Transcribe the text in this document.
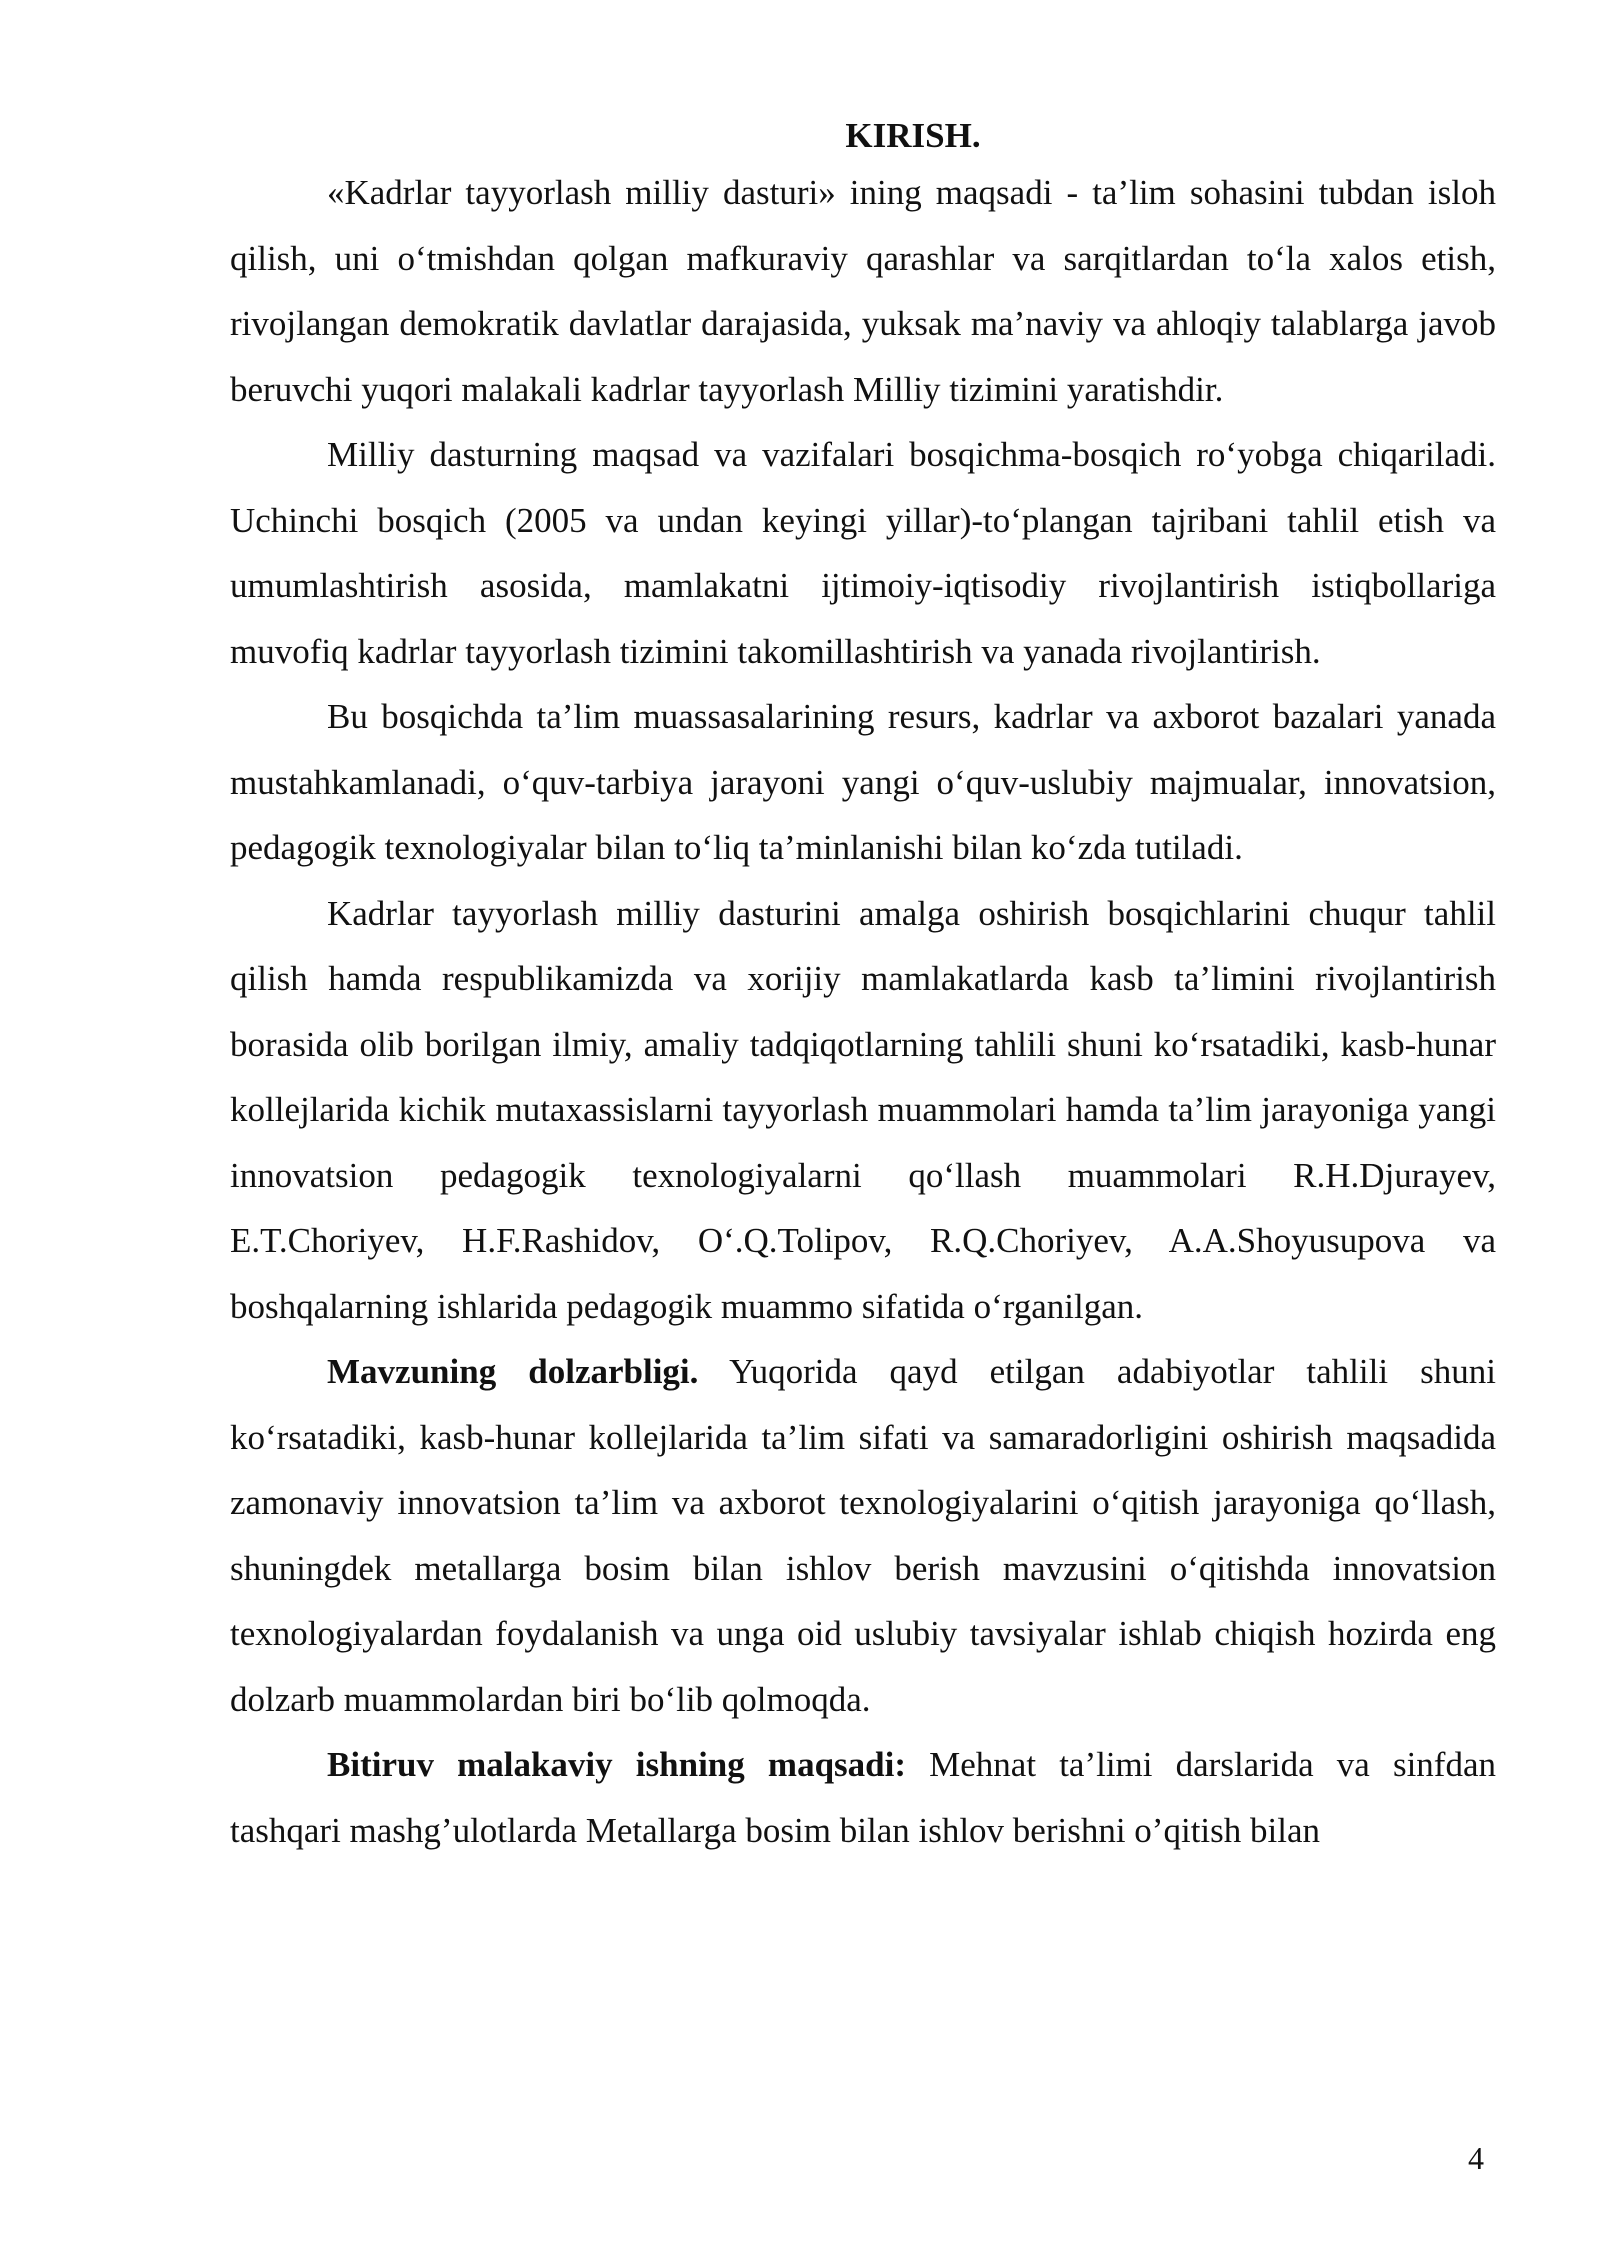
KIRISH.

«Kadrlar tayyorlash milliy dasturi» ining maqsadi - ta’lim sohasini tubdan isloh qilish, uni o‘tmishdan qolgan mafkuraviy qarashlar va sarqitlardan to‘la xalos etish, rivojlangan demokratik davlatlar darajasida, yuksak ma’naviy va ahloqiy talablarga javob beruvchi yuqori malakali kadrlar tayyorlash Milliy tizimini yaratishdir.

Milliy dasturning maqsad va vazifalari bosqichma-bosqich ro‘yobga chiqariladi. Uchinchi bosqich (2005 va undan keyingi yillar)-to‘plangan tajribani tahlil etish va umumlashtirish asosida, mamlakatni ijtimoiy-iqtisodiy rivojlantirish istiqbollariga muvofiq kadrlar tayyorlash tizimini takomillashtirish va yanada rivojlantirish.

Bu bosqichda ta’lim muassasalarining resurs, kadrlar va axborot bazalari yanada mustahkamlanadi, o‘quv-tarbiya jarayoni yangi o‘quv-uslubiy majmualar, innovatsion, pedagogik texnologiyalar bilan to‘liq ta’minlanishi bilan ko‘zda tutiladi.

Kadrlar tayyorlash milliy dasturini amalga oshirish bosqichlarini chuqur tahlil qilish hamda respublikamizda va xorijiy mamlakatlarda kasb ta’limini rivojlantirish borasida olib borilgan ilmiy, amaliy tadqiqotlarning tahlili shuni ko‘rsatadiki, kasb-hunar kollejlarida kichik mutaxassislarni tayyorlash muammolari hamda ta’lim jarayoniga yangi innovatsion pedagogik texnologiyalarni qo‘llash muammolari R.H.Djurayev, E.T.Choriyev, H.F.Rashidov, O‘.Q.Tolipov, R.Q.Choriyev, A.A.Shoyusupova va boshqalarning ishlarida pedagogik muammo sifatida o‘rganilgan.

Mavzuning dolzarbligi. Yuqorida qayd etilgan adabiyotlar tahlili shuni ko‘rsatadiki, kasb-hunar kollejlarida ta’lim sifati va samaradorligini oshirish maqsadida zamonaviy innovatsion ta’lim va axborot texnologiyalarini o‘qitish jarayoniga qo‘llash, shuningdek metallarga bosim bilan ishlov berish mavzusini o‘qitishda innovatsion texnologiyalardan foydalanish va unga oid uslubiy tavsiyalar ishlab chiqish hozirda eng dolzarb muammolardan biri bo‘lib qolmoqda.

Bitiruv malakaviy ishning maqsadi: Mehnat ta’limi darslarida va sinfdan tashqari mashg’ulotlarda Metallarga bosim bilan ishlov berishni o’qitish bilan

4
